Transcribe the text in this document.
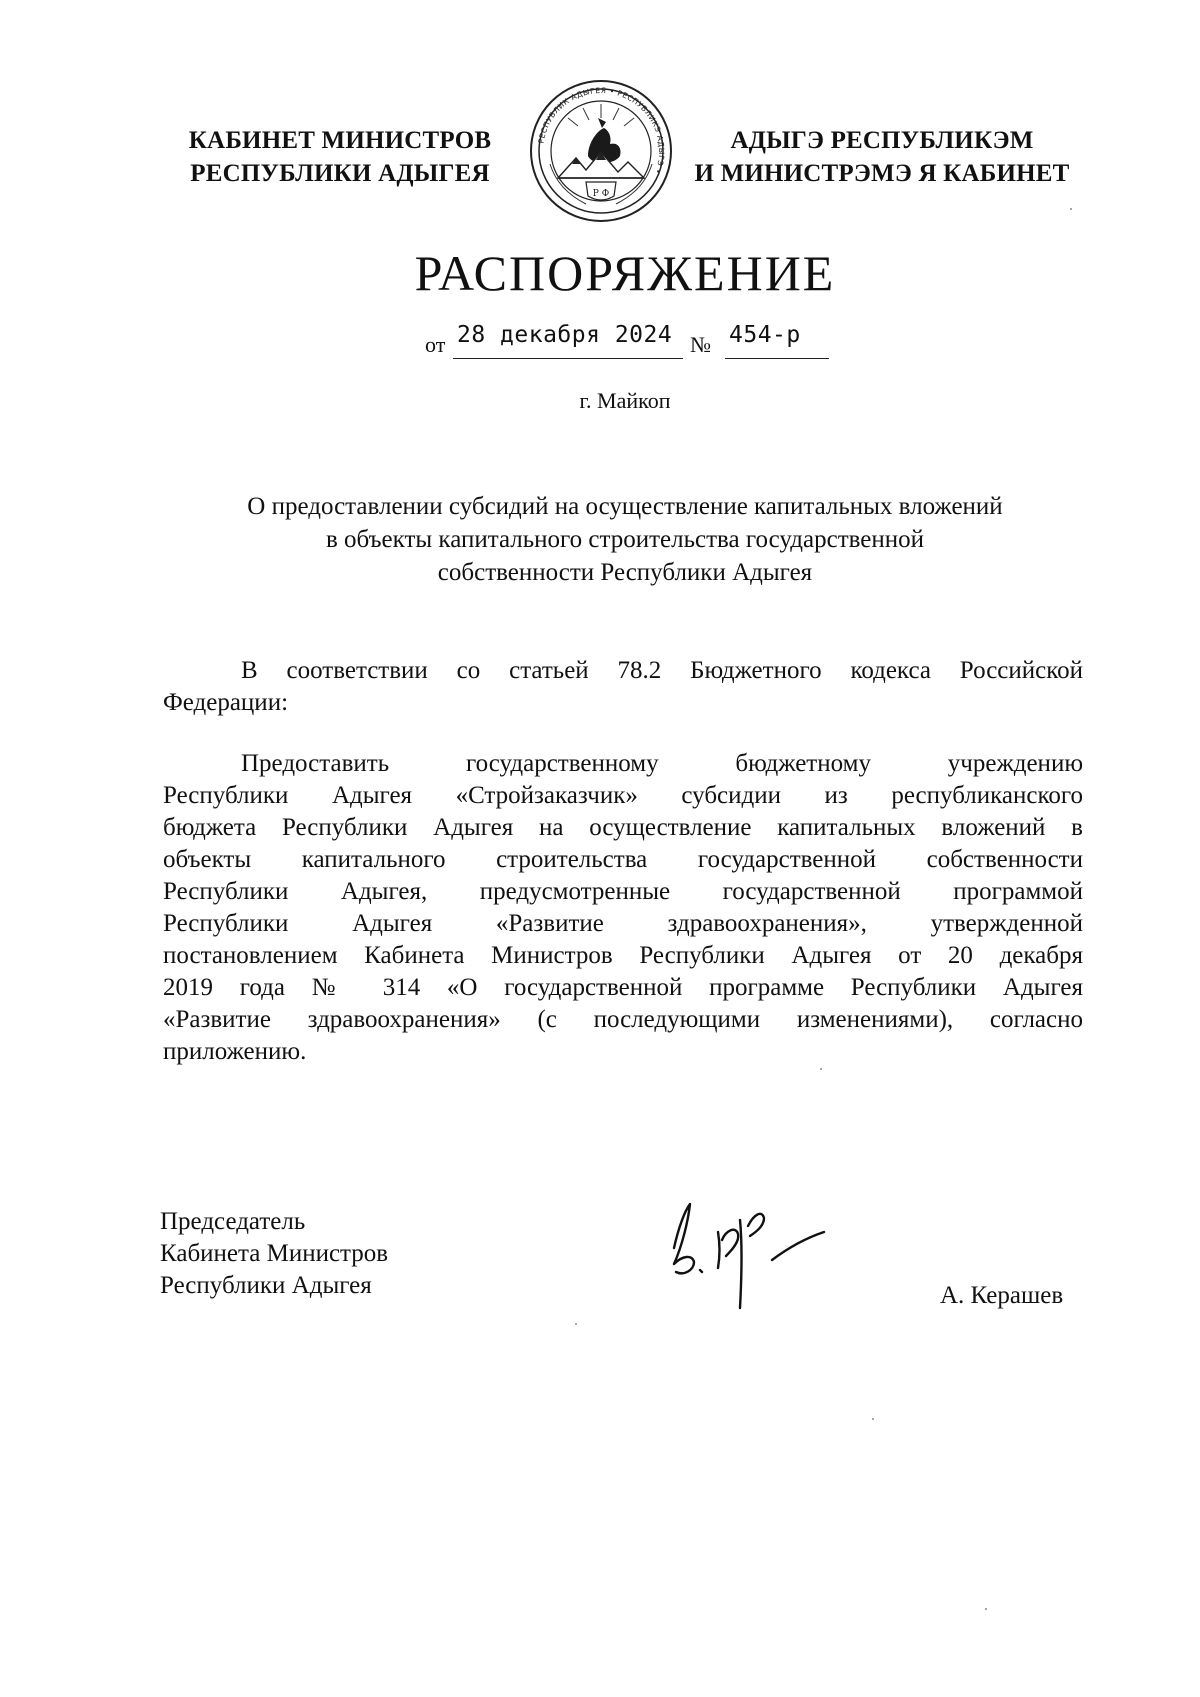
КАБИНЕТ МИНИСТРОВ
РЕСПУБЛИКИ АДЫГЕЯ
РЕСПУБЛИК АДЫГЕЯ • РЕСПУБЛИКЭ АДЫГЭ •
Р Ф
АДЫГЭ РЕСПУБЛИКЭМ
И МИНИСТРЭМЭ Я КАБИНЕТ
РАСПОРЯЖЕНИЕ
от 28 декабря 2024 № 454-р
г. Майкоп
О предоставлении субсидий на осуществление капитальных вложений
в объекты капитального строительства государственной
собственности Республики Адыгея
В соответствии со статьей 78.2 Бюджетного кодекса Российской
Федерации:
Предоставить государственному бюджетному учреждению
Республики Адыгея «Стройзаказчик» субсидии из республиканского
бюджета Республики Адыгея на осуществление капитальных вложений в
объекты капитального строительства государственной собственности
Республики Адыгея, предусмотренные государственной программой
Республики Адыгея «Развитие здравоохранения», утвержденной
постановлением Кабинета Министров Республики Адыгея от 20 декабря
2019 года № 314 «О государственной программе Республики Адыгея
«Развитие здравоохранения» (с последующими изменениями), согласно
приложению.
Председатель
Кабинета Министров
Республики Адыгея	А. Керашев
